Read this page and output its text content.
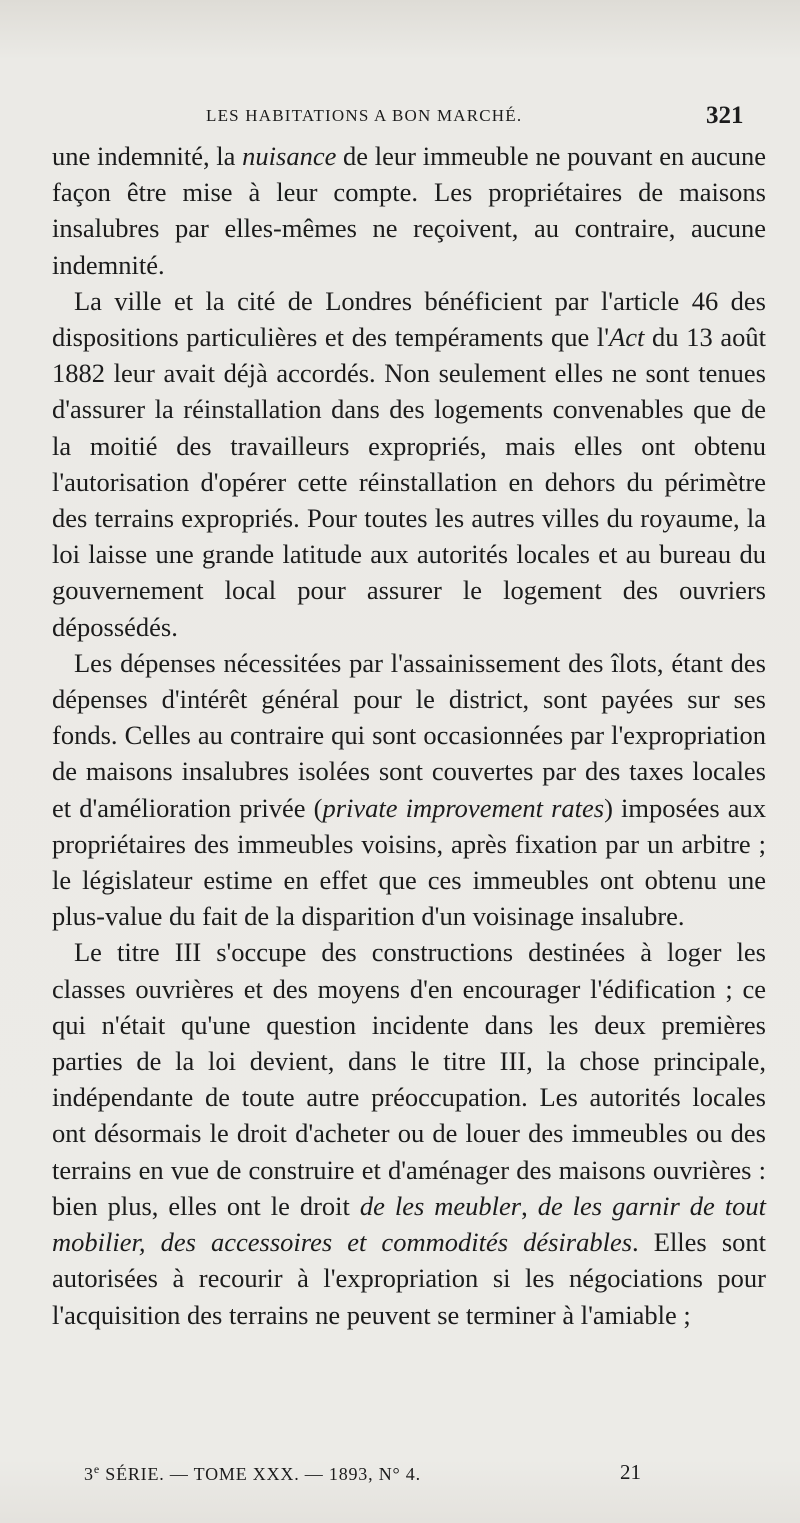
LES HABITATIONS A BON MARCHÉ.	321

une indemnité, la nuisance de leur immeuble ne pouvant en aucune façon être mise à leur compte. Les propriétaires de maisons insalubres par elles-mêmes ne reçoivent, au contraire, aucune indemnité.

La ville et la cité de Londres bénéficient par l'article 46 des dispositions particulières et des tempéraments que l'Act du 13 août 1882 leur avait déjà accordés. Non seulement elles ne sont tenues d'assurer la réinstallation dans des logements convenables que de la moitié des travailleurs expropriés, mais elles ont obtenu l'autorisation d'opérer cette réinstallation en dehors du périmètre des terrains expropriés. Pour toutes les autres villes du royaume, la loi laisse une grande latitude aux autorités locales et au bureau du gouvernement local pour assurer le logement des ouvriers dépossédés.

Les dépenses nécessitées par l'assainissement des îlots, étant des dépenses d'intérêt général pour le district, sont payées sur ses fonds. Celles au contraire qui sont occasionnées par l'expropriation de maisons insalubres isolées sont couvertes par des taxes locales et d'amélioration privée (private improvement rates) imposées aux propriétaires des immeubles voisins, après fixation par un arbitre ; le législateur estime en effet que ces immeubles ont obtenu une plus-value du fait de la disparition d'un voisinage insalubre.

Le titre III s'occupe des constructions destinées à loger les classes ouvrières et des moyens d'en encourager l'édification ; ce qui n'était qu'une question incidente dans les deux premières parties de la loi devient, dans le titre III, la chose principale, indépendante de toute autre préoccupation. Les autorités locales ont désormais le droit d'acheter ou de louer des immeubles ou des terrains en vue de construire et d'aménager des maisons ouvrières : bien plus, elles ont le droit de les meubler, de les garnir de tout mobilier, des accessoires et commodités désirables. Elles sont autorisées à recourir à l'expropriation si les négociations pour l'acquisition des terrains ne peuvent se terminer à l'amiable ;

3e SÉRIE. — TOME XXX. — 1893, N° 4.	21
